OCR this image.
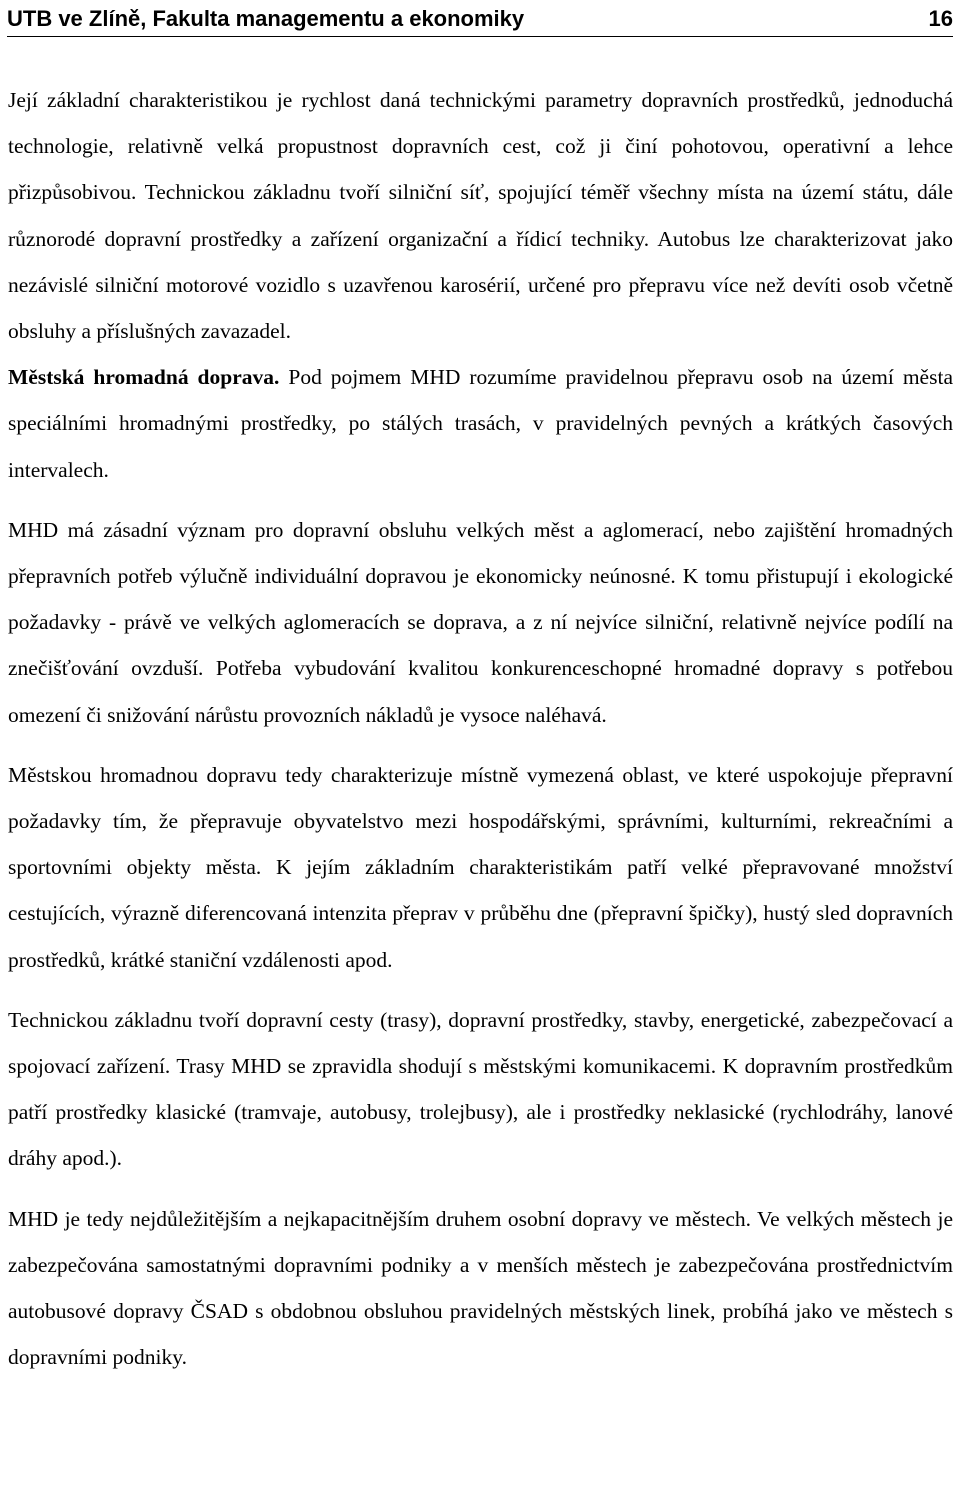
UTB ve Zlíně, Fakulta managementu a ekonomiky	16

Její základní charakteristikou je rychlost daná technickými parametry dopravních prostředků, jednoduchá technologie, relativně velká propustnost dopravních cest, což ji činí pohotovou, operativní a lehce přizpůsobivou. Technickou základnu tvoří silniční síť, spojující téměř všechny místa na území státu, dále různorodé dopravní prostředky a zařízení organizační a řídicí techniky. Autobus lze charakterizovat jako nezávislé silniční motorové vozidlo s uzavřenou karosérií, určené pro přepravu více než devíti osob včetně obsluhy a příslušných zavazadel.

Městská hromadná doprava. Pod pojmem MHD rozumíme pravidelnou přepravu osob na území města speciálními hromadnými prostředky, po stálých trasách, v pravidelných pevných a krátkých časových intervalech.

MHD má zásadní význam pro dopravní obsluhu velkých měst a aglomerací, nebo zajištění hromadných přepravních potřeb výlučně individuální dopravou je ekonomicky neúnosné. K tomu přistupují i ekologické požadavky - právě ve velkých aglomeracích se doprava, a z ní nejvíce silniční, relativně nejvíce podílí na znečišťování ovzduší. Potřeba vybudování kvalitou konkurenceschopné hromadné dopravy s potřebou omezení či snižování nárůstu provozních nákladů je vysoce naléhavá.

Městskou hromadnou dopravu tedy charakterizuje místně vymezená oblast, ve které uspokojuje přepravní požadavky tím, že přepravuje obyvatelstvo mezi hospodářskými, správními, kulturními, rekreačními a sportovními objekty města. K jejím základním charakteristikám patří velké přepravované množství cestujících, výrazně diferencovaná intenzita přeprav v průběhu dne (přepravní špičky), hustý sled dopravních prostředků, krátké staniční vzdálenosti apod.

Technickou základnu tvoří dopravní cesty (trasy), dopravní prostředky, stavby, energetické, zabezpečovací a spojovací zařízení. Trasy MHD se zpravidla shodují s městskými komunikacemi. K dopravním prostředkům patří prostředky klasické (tramvaje, autobusy, trolejbusy), ale i prostředky neklasické (rychlodráhy, lanové dráhy apod.).

MHD je tedy nejdůležitějším a nejkapacitnějším druhem osobní dopravy ve městech. Ve velkých městech je zabezpečována samostatnými dopravními podniky a v menších městech je zabezpečována prostřednictvím autobusové dopravy ČSAD s obdobnou obsluhou pravidelných městských linek, probíhá jako ve městech s dopravními podniky.
